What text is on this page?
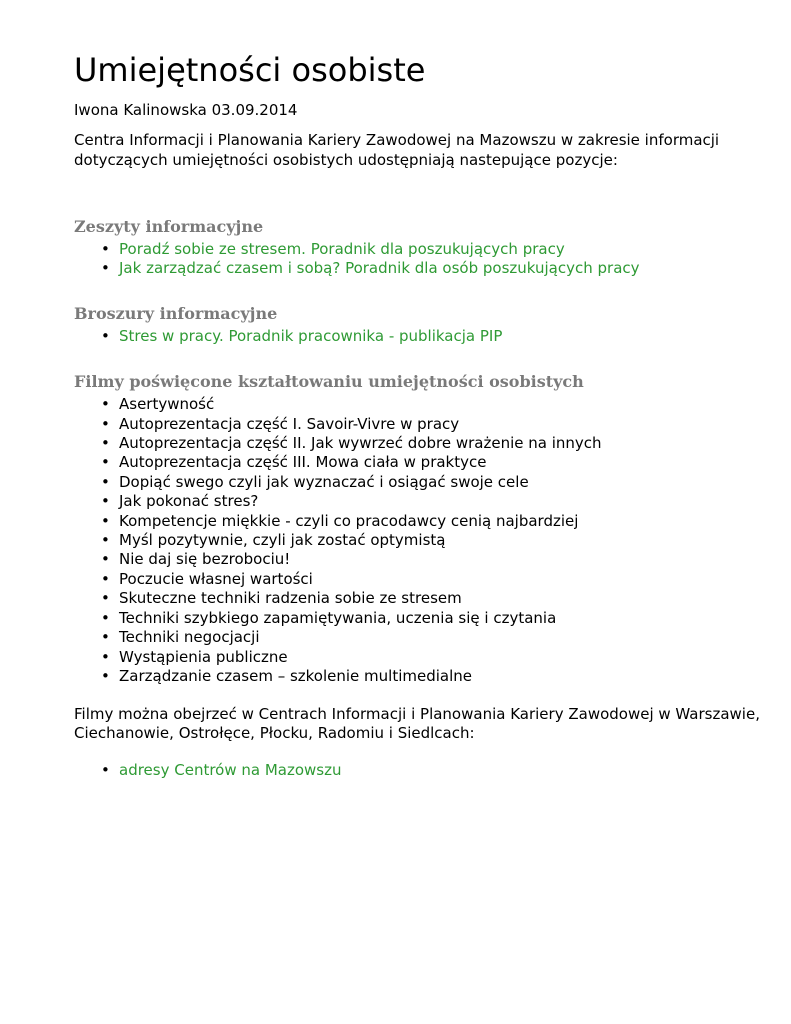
Umiejętności osobiste

Iwona Kalinowska 03.09.2014

Centra Informacji i Planowania Kariery Zawodowej na Mazowszu w zakresie informacji dotyczących umiejętności osobistych udostępniają nastepujące pozycje:

Zeszyty informacyjne
• Poradź sobie ze stresem. Poradnik dla poszukujących pracy
• Jak zarządzać czasem i sobą? Poradnik dla osób poszukujących pracy
Broszury informacyjne
• Stres w pracy. Poradnik pracownika - publikacja PIP
Filmy poświęcone kształtowaniu umiejętności osobistych
• Asertywność
• Autoprezentacja część I. Savoir-Vivre w pracy
• Autoprezentacja część II. Jak wywrzeć dobre wrażenie na innych
• Autoprezentacja część III. Mowa ciała w praktyce
• Dopiąć swego czyli jak wyznaczać i osiągać swoje cele
• Jak pokonać stres?
• Kompetencje miękkie - czyli co pracodawcy cenią najbardziej
• Myśl pozytywnie, czyli jak zostać optymistą
• Nie daj się bezrobociu!
• Poczucie własnej wartości
• Skuteczne techniki radzenia sobie ze stresem
• Techniki szybkiego zapamiętywania, uczenia się i czytania
• Techniki negocjacji
• Wystąpienia publiczne
• Zarządzanie czasem – szkolenie multimedialne

Filmy można obejrzeć w Centrach Informacji i Planowania Kariery Zawodowej w Warszawie, Ciechanowie, Ostrołęce, Płocku, Radomiu i Siedlcach:

• adresy Centrów na Mazowszu
